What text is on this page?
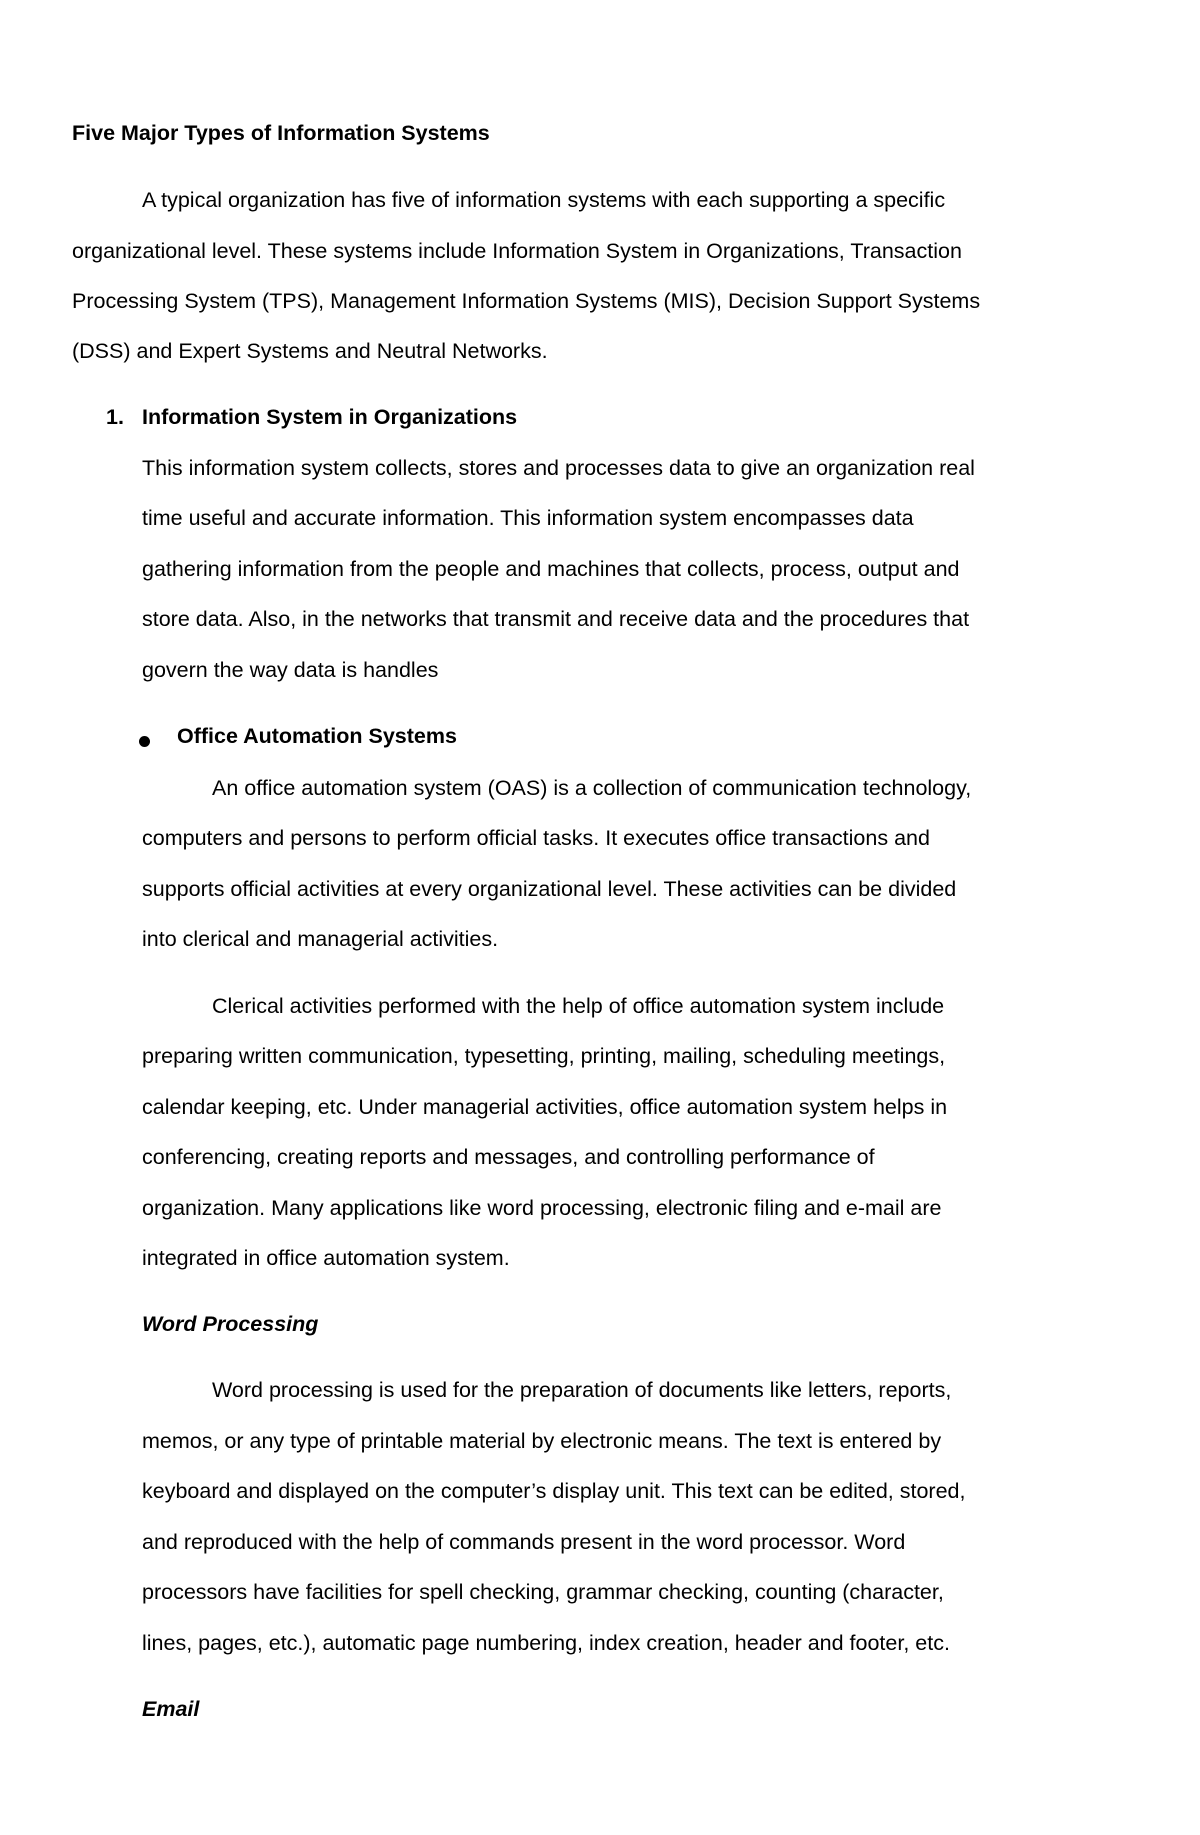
Five Major Types of Information Systems
A typical organization has five of information systems with each supporting a specific
organizational level. These systems include Information System in Organizations, Transaction
Processing System (TPS), Management Information Systems (MIS), Decision Support Systems
(DSS) and Expert Systems and Neutral Networks.
1. Information System in Organizations
This information system collects, stores and processes data to give an organization real
time useful and accurate information. This information system encompasses data
gathering information from the people and machines that collects, process, output and
store data. Also, in the networks that transmit and receive data and the procedures that
govern the way data is handles
Office Automation Systems
An office automation system (OAS) is a collection of communication technology,
computers and persons to perform official tasks. It executes office transactions and
supports official activities at every organizational level. These activities can be divided
into clerical and managerial activities.
Clerical activities performed with the help of office automation system include
preparing written communication, typesetting, printing, mailing, scheduling meetings,
calendar keeping, etc. Under managerial activities, office automation system helps in
conferencing, creating reports and messages, and controlling performance of
organization. Many applications like word processing, electronic filing and e-mail are
integrated in office automation system.
Word Processing
Word processing is used for the preparation of documents like letters, reports,
memos, or any type of printable material by electronic means. The text is entered by
keyboard and displayed on the computer’s display unit. This text can be edited, stored,
and reproduced with the help of commands present in the word processor. Word
processors have facilities for spell checking, grammar checking, counting (character,
lines, pages, etc.), automatic page numbering, index creation, header and footer, etc.
Email
